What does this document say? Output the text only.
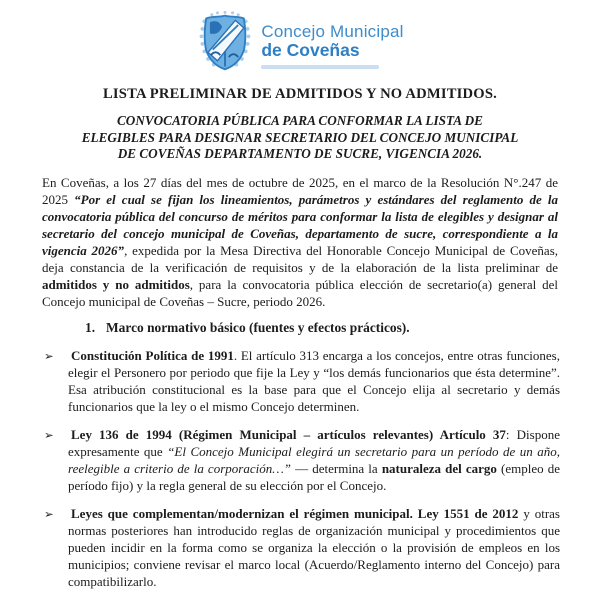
Concejo Municipal
de Coveñas
LISTA PRELIMINAR DE ADMITIDOS Y NO ADMITIDOS.
CONVOCATORIA PÚBLICA PARA CONFORMAR LA LISTA DE
ELEGIBLES PARA DESIGNAR SECRETARIO DEL CONCEJO MUNICIPAL
DE COVEÑAS DEPARTAMENTO DE SUCRE, VIGENCIA 2026.

En Coveñas, a los 27 días del mes de octubre de 2025, en el marco de la Resolución N°.247 de 2025 “Por el cual se fijan los lineamientos, parámetros y estándares del reglamento de la convocatoria pública del concurso de méritos para conformar la lista de elegibles y designar al secretario del concejo municipal de Coveñas, departamento de sucre, correspondiente a la vigencia 2026”, expedida por la Mesa Directiva del Honorable Concejo Municipal de Coveñas, deja constancia de la verificación de requisitos y de la elaboración de la lista preliminar de admitidos y no admitidos, para la convocatoria pública elección de secretario(a) general del Concejo municipal de Coveñas – Sucre, periodo 2026.

1. Marco normativo básico (fuentes y efectos prácticos).
➢ Constitución Política de 1991. El artículo 313 encarga a los concejos, entre otras funciones, elegir el Personero por periodo que fije la Ley y “los demás funcionarios que ésta determine”. Esa atribución constitucional es la base para que el Concejo elija al secretario y demás funcionarios que la ley o el mismo Concejo determinen.

➢ Ley 136 de 1994 (Régimen Municipal – artículos relevantes) Artículo 37: Dispone expresamente que “El Concejo Municipal elegirá un secretario para un período de un año, reelegible a criterio de la corporación…” — determina la naturaleza del cargo (empleo de período fijo) y la regla general de su elección por el Concejo.

➢ Leyes que complementan/modernizan el régimen municipal. Ley 1551 de 2012 y otras normas posteriores han introducido reglas de organización municipal y procedimientos que pueden incidir en la forma como se organiza la elección o la provisión de empleos en los municipios; conviene revisar el marco local (Acuerdo/Reglamento interno del Concejo) para compatibilizarlo.
